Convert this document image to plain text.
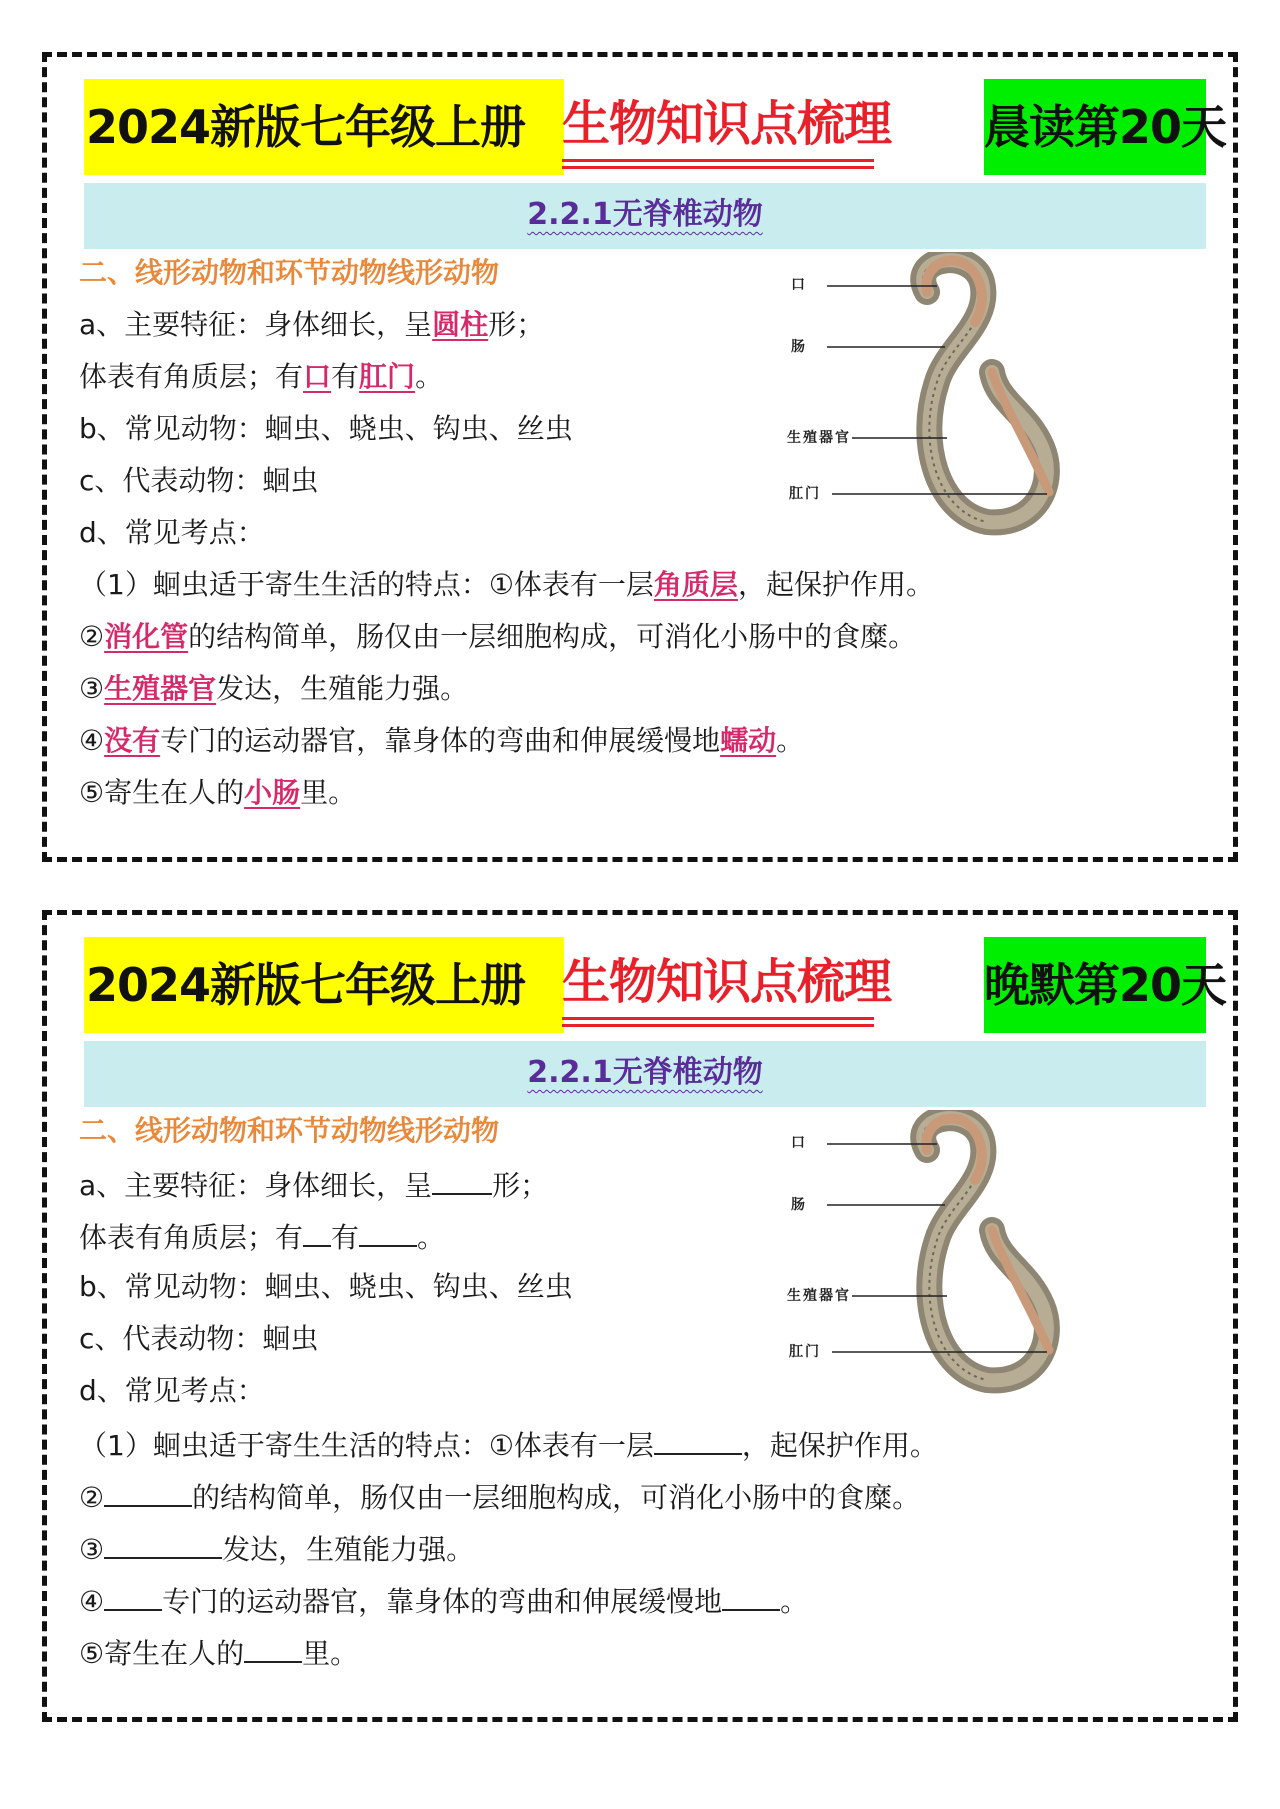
2024新版七年级上册 生物知识点梳理 晨读第20天
2.2.1无脊椎动物
二、线形动物和环节动物线形动物
a、主要特征：身体细长，呈圆柱形；
体表有角质层；有口有肛门。
b、常见动物：蛔虫、蛲虫、钩虫、丝虫
c、代表动物：蛔虫
d、常见考点：
（1）蛔虫适于寄生生活的特点：①体表有一层角质层，起保护作用。
②消化管的结构简单，肠仅由一层细胞构成，可消化小肠中的食糜。
③生殖器官发达，生殖能力强。
④没有专门的运动器官，靠身体的弯曲和伸展缓慢地蠕动。
⑤寄生在人的小肠里。
口
肠
生殖器官
肛门
2024新版七年级上册 生物知识点梳理 晚默第20天
2.2.1无脊椎动物
二、线形动物和环节动物线形动物
a、主要特征：身体细长，呈 形；
体表有角质层；有 有 。
b、常见动物：蛔虫、蛲虫、钩虫、丝虫
c、代表动物：蛔虫
d、常见考点：
（1）蛔虫适于寄生生活的特点：①体表有一层	，起保护作用。
②	的结构简单，肠仅由一层细胞构成，可消化小肠中的食糜。
③	发达，生殖能力强。
④ 专门的运动器官，靠身体的弯曲和伸展缓慢地 。
⑤寄生在人的 里。
口
肠
生殖器官
肛门
